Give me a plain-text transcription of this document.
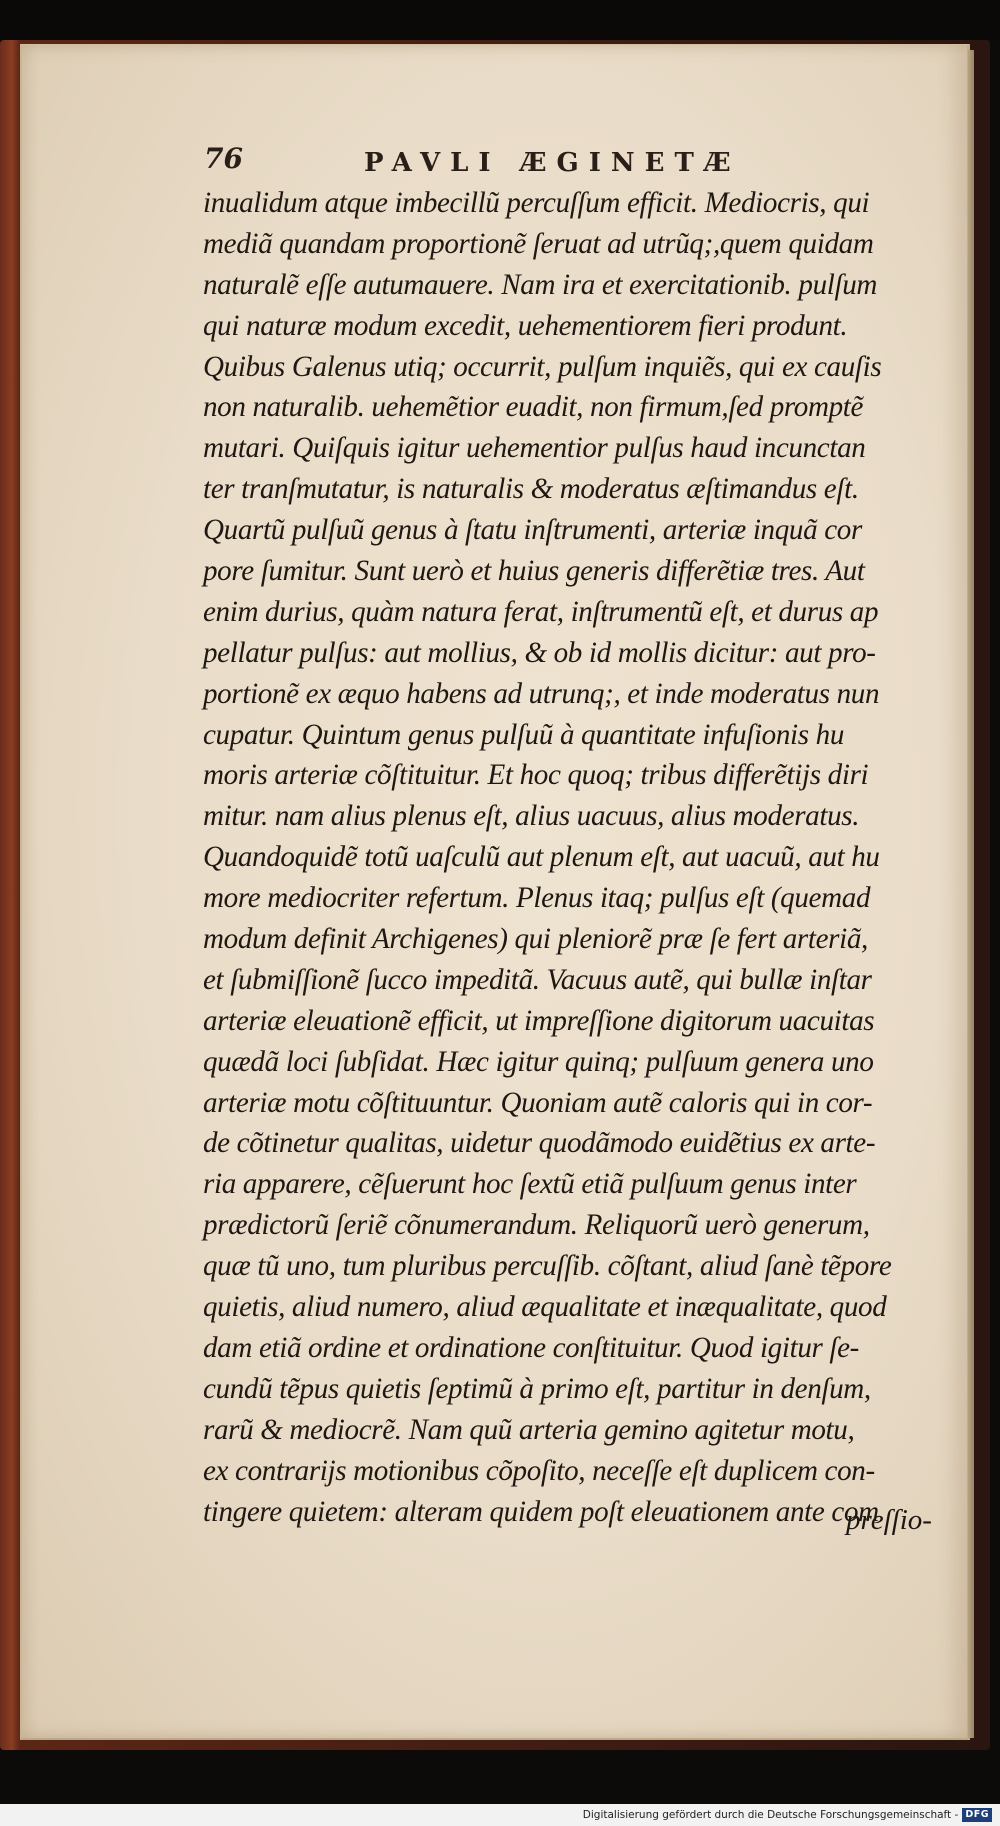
76	PAVLI ÆGINETÆ
inualidum atque imbecillũ percuſſum efficit. Mediocris, qui
mediã quandam proportionẽ ſeruat ad utrũq;,quem quidam
naturalẽ eſſe autumauere. Nam ira et exercitationib. pulſum
qui naturæ modum excedit, uehementiorem fieri produnt.
Quibus Galenus utiq; occurrit, pulſum inquiẽs, qui ex cauſis
non naturalib. uehemẽtior euadit, non firmum,ſed promptẽ
mutari. Quiſquis igitur uehementior pulſus haud incunctan
ter tranſmutatur, is naturalis & moderatus æſtimandus eſt.
Quartũ pulſuũ genus à ſtatu inſtrumenti, arteriæ inquã cor
pore ſumitur. Sunt uerò et huius generis differẽtiæ tres. Aut
enim durius, quàm natura ferat, inſtrumentũ eſt, et durus ap
pellatur pulſus: aut mollius, & ob id mollis dicitur: aut pro-
portionẽ ex æquo habens ad utrunq;, et inde moderatus nun
cupatur. Quintum genus pulſuũ à quantitate infuſionis hu
moris arteriæ cõſtituitur. Et hoc quoq; tribus differẽtijs diri
mitur. nam alius plenus eſt, alius uacuus, alius moderatus.
Quandoquidẽ totũ uaſculũ aut plenum eſt, aut uacuũ, aut hu
more mediocriter refertum. Plenus itaq; pulſus eſt (quemad
modum definit Archigenes) qui pleniorẽ præ ſe fert arteriã,
et ſubmiſſionẽ ſucco impeditã. Vacuus autẽ, qui bullæ inſtar
arteriæ eleuationẽ efficit, ut impreſſione digitorum uacuitas
quædã loci ſubſidat. Hæc igitur quinq; pulſuum genera uno
arteriæ motu cõſtituuntur. Quoniam autẽ caloris qui in cor-
de cõtinetur qualitas, uidetur quodãmodo euidẽtius ex arte-
ria apparere, cẽſuerunt hoc ſextũ etiã pulſuum genus inter
prædictorũ ſeriẽ cõnumerandum. Reliquorũ uerò generum,
quæ tũ uno, tum pluribus percuſſib. cõſtant, aliud ſanè tẽpore
quietis, aliud numero, aliud æqualitate et inæqualitate, quod
dam etiã ordine et ordinatione conſtituitur. Quod igitur ſe-
cundũ tẽpus quietis ſeptimũ à primo eſt, partitur in denſum,
rarũ & mediocrẽ. Nam quũ arteria gemino agitetur motu,
ex contrarijs motionibus cõpoſito, neceſſe eſt duplicem con-
tingere quietem: alteram quidem poſt eleuationem ante com
preſſio-
Digitalisierung gefördert durch die Deutsche Forschungsgemeinschaft - DFG
